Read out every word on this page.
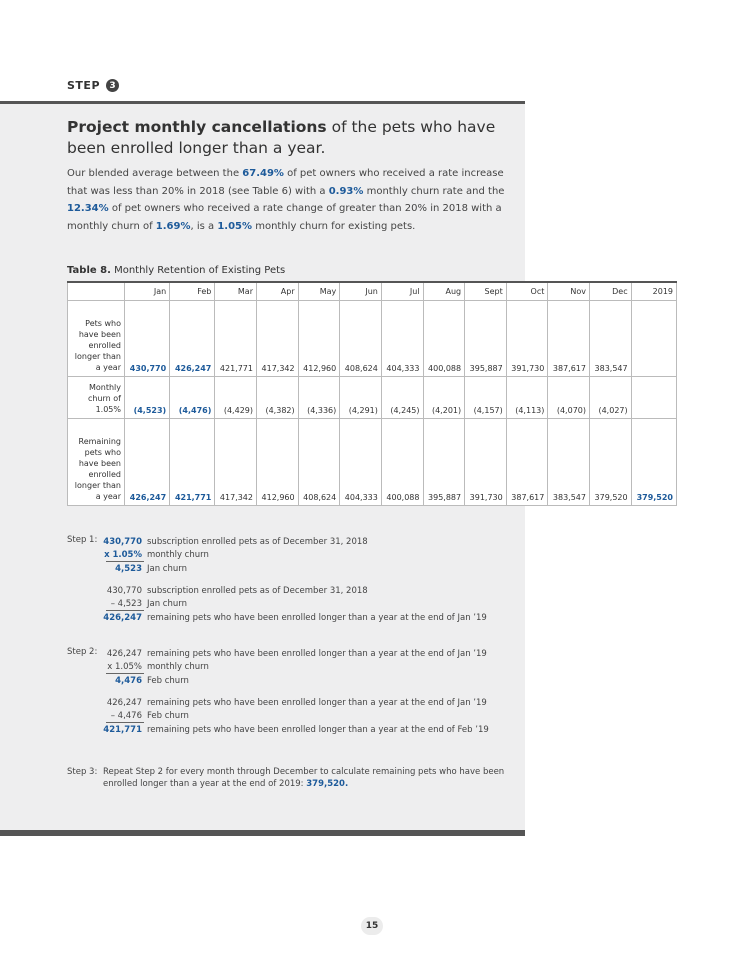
STEP	3
Project monthly cancellations of the pets who have been enrolled longer than a year.
Our blended average between the 67.49% of pet owners who received a rate increase that was less than 20% in 2018 (see Table 6) with a 0.93% monthly churn rate and the 12.34% of pet owners who received a rate change of greater than 20% in 2018 with a monthly churn of 1.69%, is a 1.05% monthly churn for existing pets.
Table 8. Monthly Retention of Existing Pets
	Jan	Feb	Mar	Apr	May	Jun	Jul	Aug	Sept	Oct	Nov	Dec	2019
Pets who have been enrolled longer than a year	430,770	426,247	421,771	417,342	412,960	408,624	404,333	400,088	395,887	391,730	387,617	383,547	
Monthly churn of 1.05%	(4,523)	(4,476)	(4,429)	(4,382)	(4,336)	(4,291)	(4,245)	(4,201)	(4,157)	(4,113)	(4,070)	(4,027)	
Remaining pets who have been enrolled longer than a year	426,247	421,771	417,342	412,960	408,624	404,333	400,088	395,887	391,730	387,617	383,547	379,520	379,520
Step 1: 430,770 subscription enrolled pets as of December 31, 2018
x 1.05% monthly churn
4,523 Jan churn
430,770 subscription enrolled pets as of December 31, 2018
– 4,523 Jan churn
426,247 remaining pets who have been enrolled longer than a year at the end of Jan ’19
Step 2:	426,247 remaining pets who have been enrolled longer than a year at the end of Jan ’19
x 1.05% monthly churn
4,476 Feb churn
426,247 remaining pets who have been enrolled longer than a year at the end of Jan ’19
– 4,476 Feb churn
421,771 remaining pets who have been enrolled longer than a year at the end of Feb ’19
Step 3: Repeat Step 2 for every month through December to calculate remaining pets who have been enrolled longer than a year at the end of 2019: 379,520.
15
